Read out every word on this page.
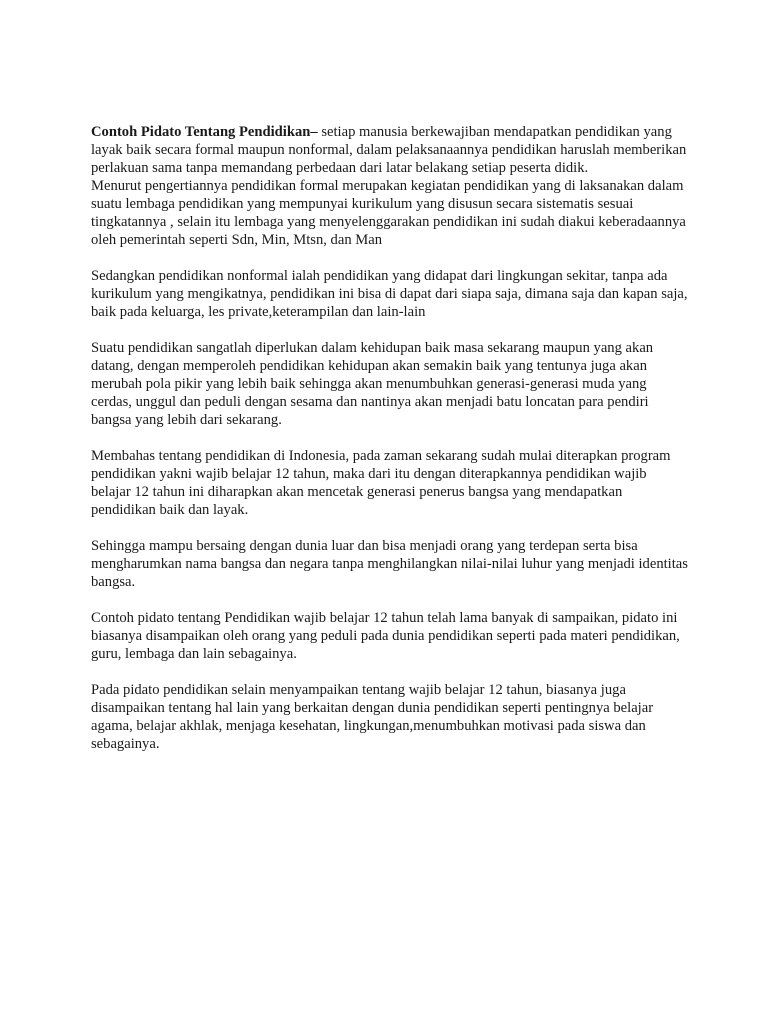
Contoh Pidato Tentang Pendidikan– setiap manusia berkewajiban mendapatkan pendidikan yang layak baik secara formal maupun nonformal, dalam pelaksanaannya pendidikan haruslah memberikan perlakuan sama tanpa memandang perbedaan dari latar belakang setiap peserta didik.

Menurut pengertiannya pendidikan formal merupakan kegiatan pendidikan yang di laksanakan dalam suatu lembaga pendidikan yang mempunyai kurikulum yang disusun secara sistematis sesuai tingkatannya , selain itu lembaga yang menyelenggarakan pendidikan ini sudah diakui keberadaannya oleh pemerintah seperti Sdn, Min, Mtsn, dan Man

Sedangkan pendidikan nonformal ialah pendidikan yang didapat dari lingkungan sekitar, tanpa ada kurikulum yang mengikatnya, pendidikan ini bisa di dapat dari siapa saja, dimana saja dan kapan saja, baik pada keluarga, les private,keterampilan dan lain-lain

Suatu pendidikan sangatlah diperlukan dalam kehidupan baik masa sekarang maupun yang akan datang, dengan memperoleh pendidikan kehidupan akan semakin baik yang tentunya juga akan merubah pola pikir yang lebih baik sehingga akan menumbuhkan generasi-generasi muda yang cerdas, unggul dan peduli dengan sesama dan nantinya akan menjadi batu loncatan para pendiri bangsa yang lebih dari sekarang.

Membahas tentang pendidikan di Indonesia, pada zaman sekarang sudah mulai diterapkan program pendidikan yakni wajib belajar 12 tahun, maka dari itu dengan diterapkannya pendidikan wajib belajar 12 tahun ini diharapkan akan mencetak generasi penerus bangsa yang mendapatkan pendidikan baik dan layak.

Sehingga mampu bersaing dengan dunia luar dan bisa menjadi orang yang terdepan serta bisa mengharumkan nama bangsa dan negara tanpa menghilangkan nilai-nilai luhur yang menjadi identitas bangsa.

Contoh pidato tentang Pendidikan wajib belajar 12 tahun telah lama banyak di sampaikan, pidato ini biasanya disampaikan oleh orang yang peduli pada dunia pendidikan seperti pada materi pendidikan, guru, lembaga dan lain sebagainya.

Pada pidato pendidikan selain menyampaikan tentang wajib belajar 12 tahun, biasanya juga disampaikan tentang hal lain yang berkaitan dengan dunia pendidikan seperti pentingnya belajar agama, belajar akhlak, menjaga kesehatan, lingkungan,menumbuhkan motivasi pada siswa dan sebagainya.
